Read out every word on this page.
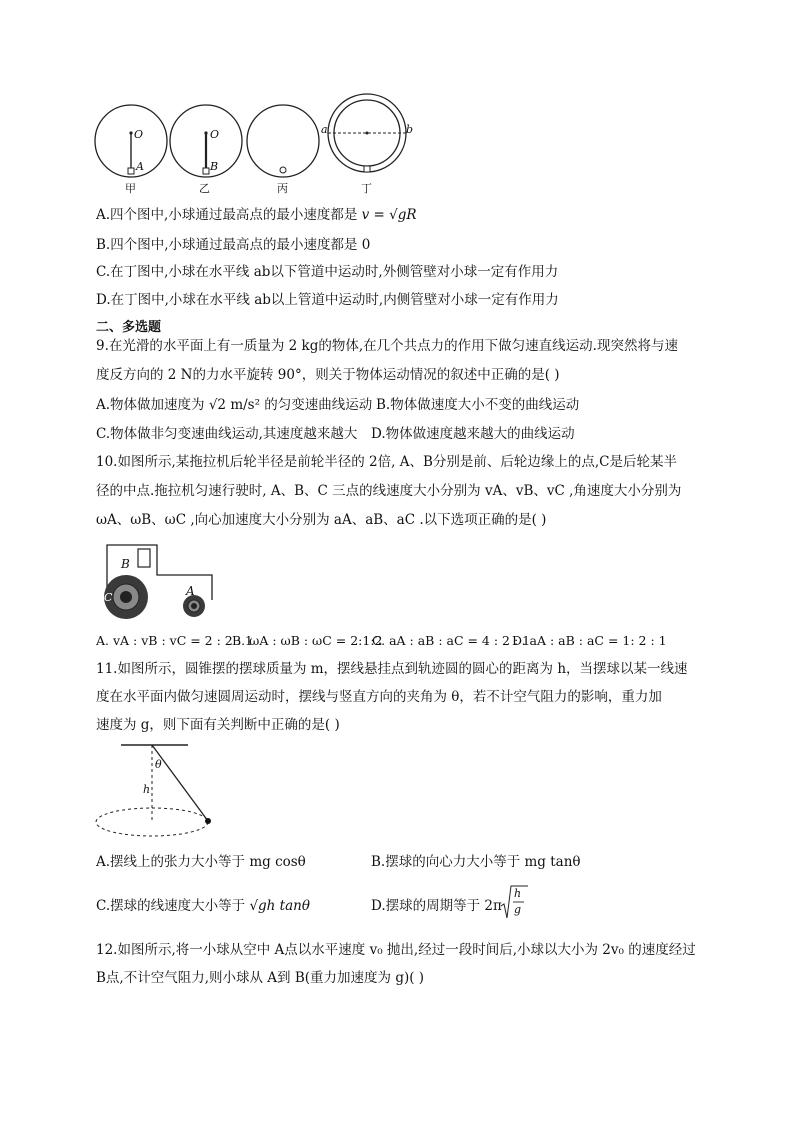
O
A
O
B
a	b
甲	乙	丙	丁
A.四个图中,小球通过最高点的最小速度都是 v = √gR
B.四个图中,小球通过最高点的最小速度都是 0
C.在丁图中,小球在水平线 ab以下管道中运动时,外侧管壁对小球一定有作用力
D.在丁图中,小球在水平线 ab以上管道中运动时,内侧管壁对小球一定有作用力
二、多选题
9.在光滑的水平面上有一质量为 2 kg的物体,在几个共点力的作用下做匀速直线运动.现突然将与速
度反方向的 2 N的力水平旋转 90°，则关于物体运动情况的叙述中正确的是( )
A.物体做加速度为 √2 m/s² 的匀变速曲线运动 B.物体做速度大小不变的曲线运动
C.物体做非匀变速曲线运动,其速度越来越大 D.物体做速度越来越大的曲线运动
10.如图所示,某拖拉机后轮半径是前轮半径的 2倍, A、B分别是前、后轮边缘上的点,C是后轮某半
径的中点.拖拉机匀速行驶时, A、B、C 三点的线速度大小分别为 vA、vB、vC ,角速度大小分别为
ωA、ωB、ωC ,向心加速度大小分别为 aA、aB、aC .以下选项正确的是( )
B
C	A
A. vA : vB : vC = 2 : 2 : 1
B. ωA : ωB : ωC = 2:1:2
C. aA : aB : aC = 4 : 2 : 1
D. aA : aB : aC = 1: 2 : 1
11.如图所示，圆锥摆的摆球质量为 m，摆线悬挂点到轨迹圆的圆心的距离为 h，当摆球以某一线速
度在水平面内做匀速圆周运动时，摆线与竖直方向的夹角为 θ，若不计空气阻力的影响，重力加
速度为 g，则下面有关判断中正确的是( )
θ
h
A.摆线上的张力大小等于 mg cosθ	B.摆球的向心力大小等于 mg tanθ
C.摆球的线速度大小等于 √gh tanθ	D.摆球的周期等于 2π
h
g
12.如图所示,将一小球从空中 A点以水平速度 v₀ 抛出,经过一段时间后,小球以大小为 2v₀ 的速度经过
B点,不计空气阻力,则小球从 A到 B(重力加速度为 g)( )
